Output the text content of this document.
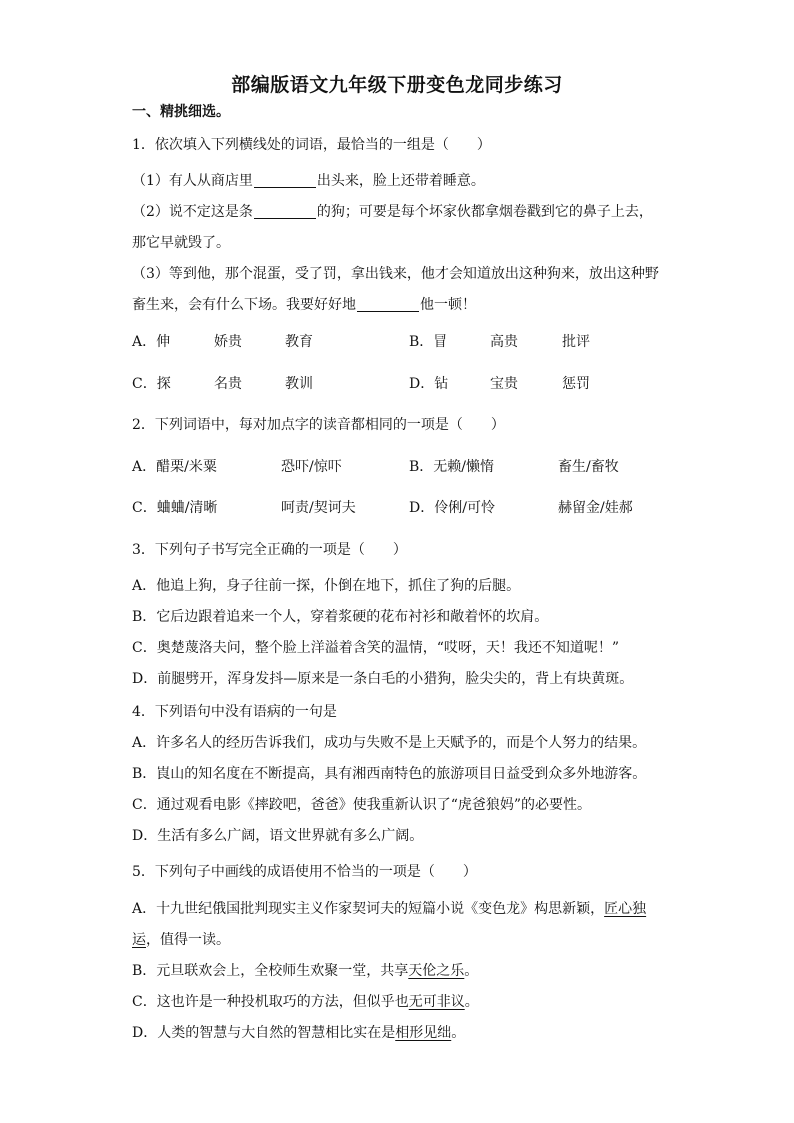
部编版语文九年级下册变色龙同步练习
一、精挑细选。
1．依次填入下列横线处的词语，最恰当的一组是（　　）
（1）有人从商店里	出头来，脸上还带着睡意。
（2）说不定这是条	的狗；可要是每个坏家伙都拿烟卷戳到它的鼻子上去，
那它早就毁了。
（3）等到他，那个混蛋，受了罚，拿出钱来，他才会知道放出这种狗来，放出这种野
畜生来，会有什么下场。我要好好地	他一顿！
A．伸	娇贵	教育	B．冒	高贵	批评
C．探	名贵	教训	D．钻	宝贵	惩罚
2．下列词语中，每对加点字的读音都相同的一项是（　　）
A．醋栗/米粟	恐吓/惊吓	B．无赖/懒惰	畜生/畜牧
C．蛐蛐/清晰	呵责/契诃夫	D．伶俐/可怜	赫留金/娃郝
3．下列句子书写完全正确的一项是（　　）
A．他追上狗，身子往前一探，仆倒在地下，抓住了狗的后腿。
B．它后边跟着追来一个人，穿着浆硬的花布衬衫和敞着怀的坎肩。
C．奥楚蔑洛夫问，整个脸上洋溢着含笑的温情，“哎呀，天！我还不知道呢！”
D．前腿劈开，浑身发抖—原来是一条白毛的小猎狗，脸尖尖的，背上有块黄斑。
4．下列语句中没有语病的一句是
A．许多名人的经历告诉我们，成功与失败不是上天赋予的，而是个人努力的结果。
B．崀山的知名度在不断提高，具有湘西南特色的旅游项目日益受到众多外地游客。
C．通过观看电影《摔跤吧，爸爸》使我重新认识了“虎爸狼妈”的必要性。
D．生活有多么广阔，语文世界就有多么广阔。
5．下列句子中画线的成语使用不恰当的一项是（　　）
A．十九世纪俄国批判现实主义作家契诃夫的短篇小说《变色龙》构思新颖，匠心独
运，值得一读。
B．元旦联欢会上，全校师生欢聚一堂，共享天伦之乐。
C．这也许是一种投机取巧的方法，但似乎也无可非议。
D．人类的智慧与大自然的智慧相比实在是相形见绌。
